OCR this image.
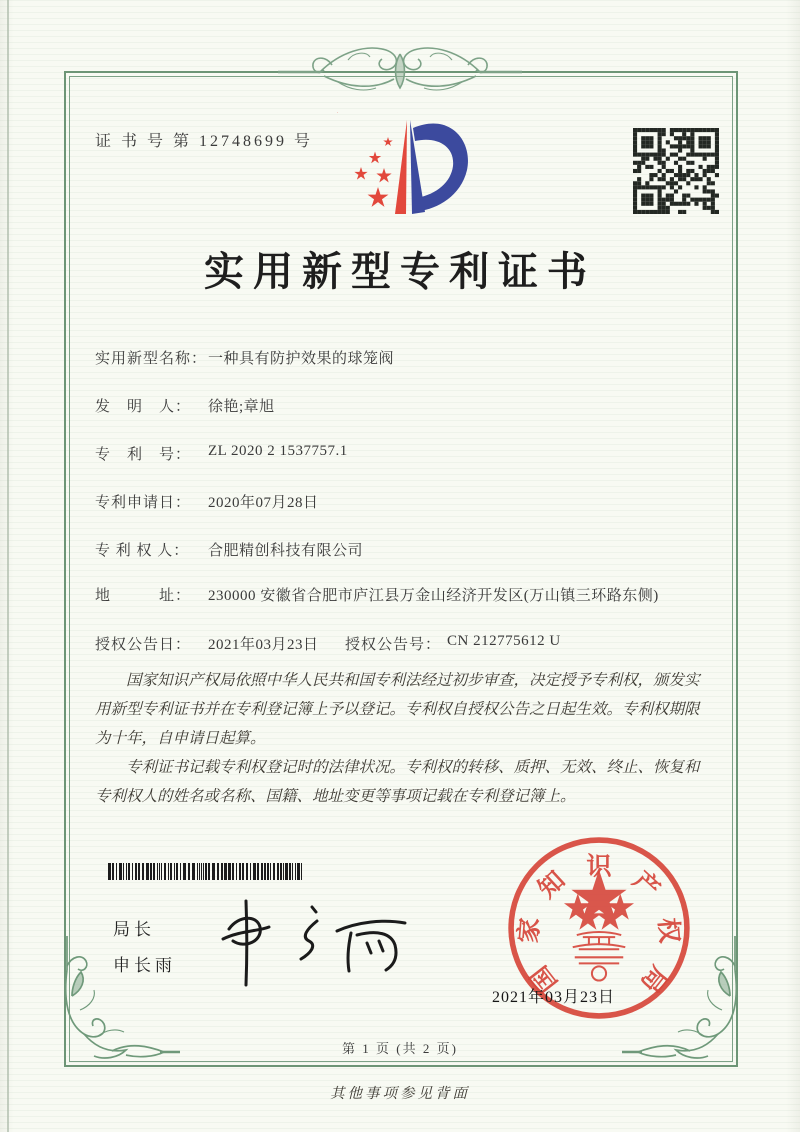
证 书 号 第 12748699 号
实用新型专利证书
实用新型名称：一种具有防护效果的球笼阀
发　明　人： 徐艳;章旭
专　利　号： ZL 2020 2 1537757.1
专利申请日： 2020年07月28日
专 利 权 人： 合肥精创科技有限公司
地　　　址： 230000 安徽省合肥市庐江县万金山经济开发区(万山镇三环路东侧)
授权公告日： 2021年03月23日 授权公告号： CN 212775612 U

国家知识产权局依照中华人民共和国专利法经过初步审查，决定授予专利权，颁发实用新型专利证书并在专利登记簿上予以登记。专利权自授权公告之日起生效。专利权期限为十年，自申请日起算。

专利证书记载专利权登记时的法律状况。专利权的转移、质押、无效、终止、恢复和专利权人的姓名或名称、国籍、地址变更等事项记载在专利登记簿上。

局长
申长雨	国
家
知 识 产
权
局
2021年03月23日
第 1 页 (共 2 页)
其他事项参见背面
